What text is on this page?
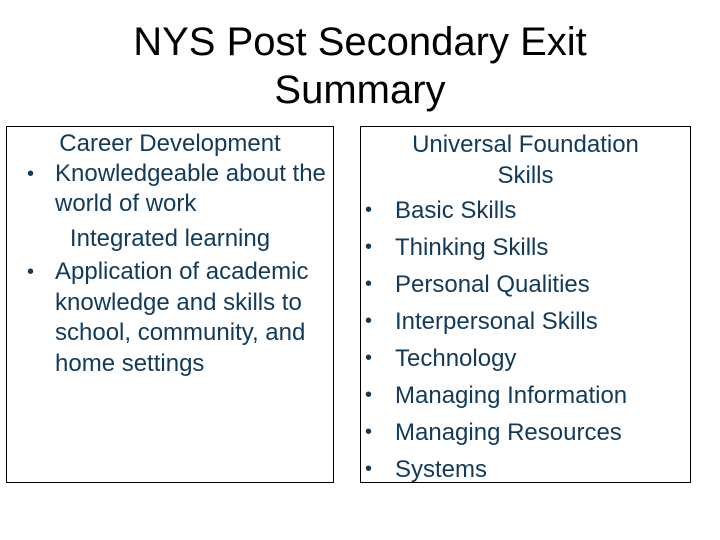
NYS Post Secondary Exit Summary
Career Development
• Knowledgeable about the world of work
Integrated learning
• Application of academic knowledge and skills to school, community, and home settings
Universal Foundation Skills
• Basic Skills
• Thinking Skills
• Personal Qualities
• Interpersonal Skills
• Technology
• Managing Information
• Managing Resources
• Systems
